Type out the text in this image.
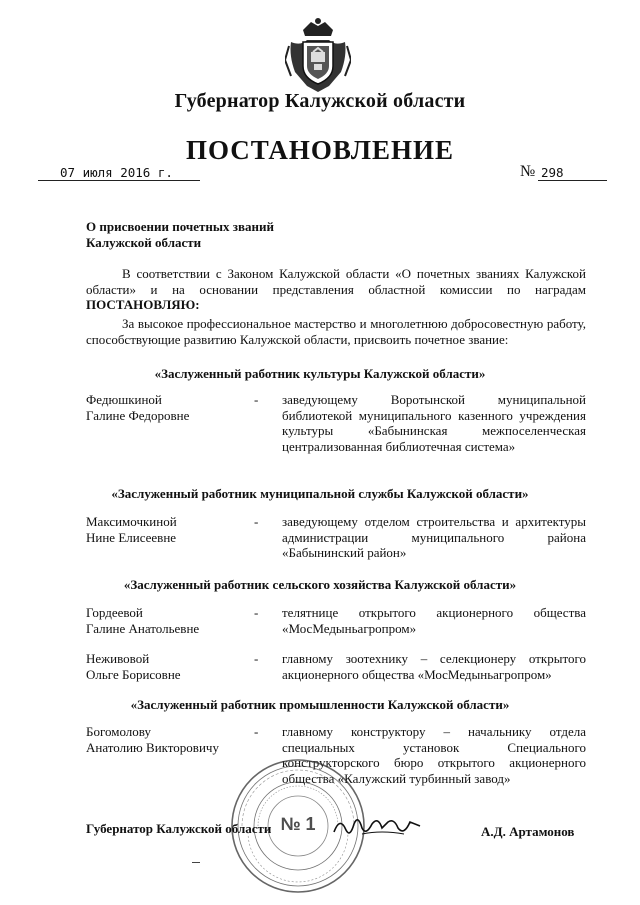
Губернатор Калужской области
ПОСТАНОВЛЕНИЕ
07 июля 2016 г.	№ 298
О присвоении почетных званий
Калужской области
В соответствии с Законом Калужской области «О почетных званиях Калужской области» и на основании представления областной комиссии по наградам ПОСТАНОВЛЯЮ:
За высокое профессиональное мастерство и многолетнюю добросовестную работу, способствующие развитию Калужской области, присвоить почетное звание:
«Заслуженный работник культуры Калужской области»
Федюшкиной
Галине Федоровне
- заведующему Воротынской муниципальной библиотекой муниципального казенного учреждения культуры «Бабынинская межпоселенческая централизованная библиотечная система»
«Заслуженный работник муниципальной службы Калужской области»
Максимочкиной
Нине Елисеевне
- заведующему отделом строительства и архитектуры администрации муниципального района «Бабынинский район»
«Заслуженный работник сельского хозяйства Калужской области»
Гордеевой
Галине Анатольевне
- телятнице открытого акционерного общества «МосМедыньагропром»
Неживовой
Ольге Борисовне
- главному зоотехнику – селекционеру открытого акционерного общества «МосМедыньагропром»
«Заслуженный работник промышленности Калужской области»
Богомолову
Анатолию Викторовичу
- главному конструктору – начальнику отдела специальных установок Специального конструкторского бюро открытого акционерного общества «Калужский турбинный завод»
№ 1
Губернатор Калужской области	А.Д. Артамонов
